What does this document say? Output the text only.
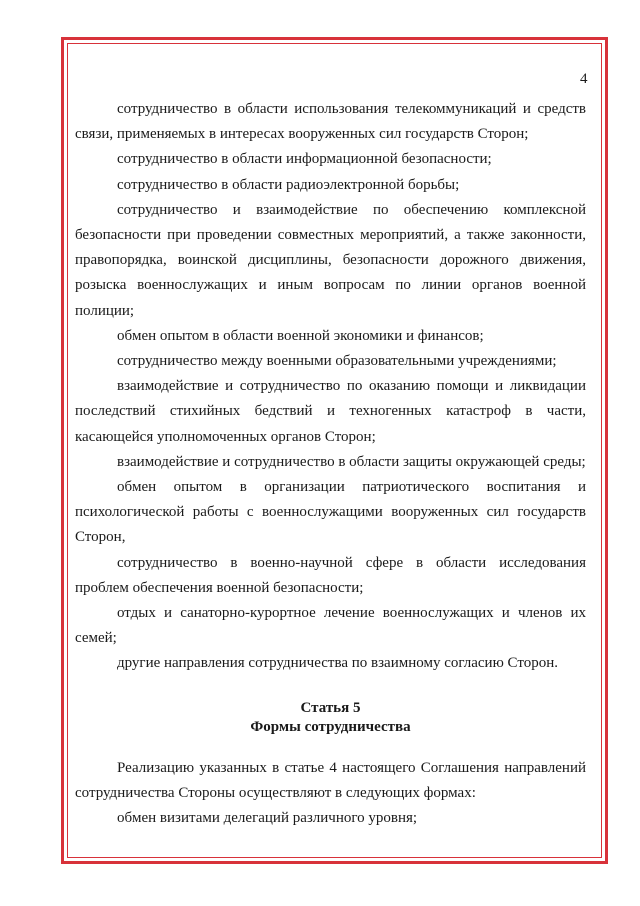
4

сотрудничество в области использования телекоммуникаций и средств связи, применяемых в интересах вооруженных сил государств Сторон;

сотрудничество в области информационной безопасности;

сотрудничество в области радиоэлектронной борьбы;

сотрудничество и взаимодействие по обеспечению комплексной безопасности при проведении совместных мероприятий, а также законности, правопорядка, воинской дисциплины, безопасности дорожного движения, розыска военнослужащих и иным вопросам по линии органов военной полиции;

обмен опытом в области военной экономики и финансов;

сотрудничество между военными образовательными учреждениями;

взаимодействие и сотрудничество по оказанию помощи и ликвидации последствий стихийных бедствий и техногенных катастроф в части, касающейся уполномоченных органов Сторон;

взаимодействие и сотрудничество в области защиты окружающей среды;

обмен опытом в организации патриотического воспитания и психологической работы с военнослужащими вооруженных сил государств Сторон,

сотрудничество в военно-научной сфере в области исследования проблем обеспечения военной безопасности;

отдых и санаторно-курортное лечение военнослужащих и членов их семей;

другие направления сотрудничества по взаимному согласию Сторон.

Статья 5
Формы сотрудничества

Реализацию указанных в статье 4 настоящего Соглашения направлений сотрудничества Стороны осуществляют в следующих формах:

обмен визитами делегаций различного уровня;
